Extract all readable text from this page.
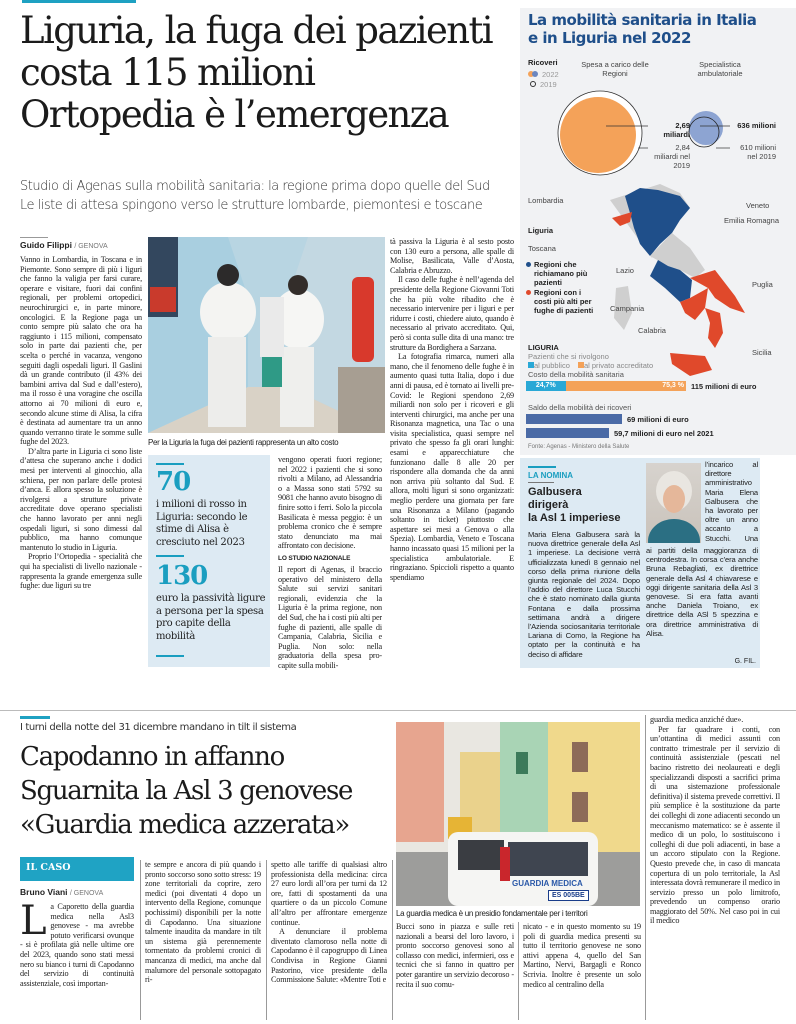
Liguria, la fuga dei pazienti
costa 115 milioni
Ortopedia è l’emergenza
Studio di Agenas sulla mobilità sanitaria: la regione prima dopo quelle del Sud
Le liste di attesa spingono verso le strutture lombarde, piemontesi e toscane
Guido Filippi / GENOVA

Vanno in Lombardia, in Toscana e in Piemonte. Sono sempre di più i liguri che fanno la valigia per farsi curare, operare e visitare, fuori dai confini regionali, per problemi ortopedici, neurochirurgici e, in parte minore, oncologici. E la Regione paga un conto sempre più salato che ora ha raggiunto i 115 milioni, compensato solo in parte dai pazienti che, per scelta o perché in vacanza, vengono seguiti dagli ospedali liguri. Il Gaslini dà un grande contributo (il 43% dei bambini arriva dal Sud e dall’estero), ma il rosso è una voragine che oscilla attorno ai 70 milioni di euro e, secondo alcune stime di Alisa, la cifra è destinata ad aumentare tra un anno quando verranno tirate le somme sulle fughe del 2023.

D’altra parte in Liguria ci sono liste d’attesa che superano anche i dodici mesi per interventi al ginocchio, alla schiena, per non parlare delle protesi d’anca. E allora spesso la soluzione è rivolgersi a strutture private accreditate dove operano specialisti che hanno lavorato per anni negli ospedali liguri, si sono dimessi dal pubblico, ma hanno comunque mantenuto lo studio in Liguria.

Proprio l’Ortopedia - specialità che qui ha specialisti di livello nazionale - rappresenta la grande emergenza sulle fughe: due liguri su tre

Per la Liguria la fuga dei pazienti rappresenta un alto costo
70
i milioni di rosso in Liguria: secondo le stime di Alisa è cresciuto nel 2023
130
euro la passività ligure a persona per la spesa pro capite della mobilità

vengono operati fuori regione; nel 2022 i pazienti che si sono rivolti a Milano, ad Alessandria o a Massa sono stati 5792 su 9081 che hanno avuto bisogno di finire sotto i ferri. Solo la piccola Basilicata è messa peggio: è un problema cronico che è sempre stato denunciato ma mai affrontato con decisione.

LO STUDIO NAZIONALE

Il report di Agenas, il braccio operativo del ministero della Salute sui servizi sanitari regionali, evidenzia che la Liguria è la prima regione, non del Sud, che ha i costi più alti per fughe di pazienti, alle spalle di Campania, Calabria, Sicilia e Puglia. Non solo: nella graduatoria della spesa pro-capite sulla mobili-

tà passiva la Liguria è al sesto posto con 130 euro a persona, alle spalle di Molise, Basilicata, Valle d’Aosta, Calabria e Abruzzo.

Il caso delle fughe è nell’agenda del presidente della Regione Giovanni Toti che ha più volte ribadito che è necessario intervenire per i liguri e per ridurre i costi, chiedere aiuto, quando è necessario al privato accreditato. Qui, però si conta sulle dita di una mano: tre strutture da Bordighera a Sarzana.

La fotografia rimarca, numeri alla mano, che il fenomeno delle fughe è in aumento quasi tutta Italia, dopo i due anni di pausa, ed è tornato ai livelli pre-Covid: le Regioni spendono 2,69 miliardi non solo per i ricoveri e gli interventi chirurgici, ma anche per una Risonanza magnetica, una Tac o una visita specialistica, quasi sempre nel privato che spesso fa gli orari lunghi: esami e apparecchiature che funzionano dalle 8 alle 20 per rispondere alla domanda che da anni non arriva più soltanto dal Sud. E allora, molti liguri si sono organizzati: meglio perdere una giornata per fare una Risonanza a Milano (pagando soltanto in ticket) piuttosto che aspettare sei mesi a Genova o alla Spezia). Lombardia, Veneto e Toscana hanno incassato quasi 15 milioni per la specialistica ambulatoriale. E ringraziano. Spiccioli rispetto a quanto spendiamo

La mobilità sanitaria in Italia
e in Liguria nel 2022
Ricoveri
2022
2019
Spesa a carico delle Regioni
Specialistica ambulatoriale
2,69 miliardi
2,84 miliardi nel 2019
636 milioni
610 milioni nel 2019
Lombardia
Veneto
Emilia Romagna
Liguria
Toscana
Lazio
Puglia
Campania
Calabria
Sicilia
Regioni che richiamano più pazienti
Regioni con i costi più alti per fughe di pazienti
LIGURIA
Pazienti che si rivolgono
al pubblico al privato accreditato
Costo della mobilità sanitaria
24,7%	75,3 % 115 milioni di euro
Saldo della mobilità dei ricoveri
69 milioni di euro
59,7 milioni di euro nel 2021
Fonte: Agenas - Ministero della Salute
LA NOMINA
Galbusera
dirigerà
la Asl 1 imperiese
Maria Elena Galbusera sarà la nuova direttrice generale della Asl 1 imperiese. La decisione verrà ufficializzata lunedì 8 gennaio nel corso della prima riunione della giunta regionale del 2024. Dopo l’addio del direttore Luca Stucchi che è stato nominato dalla giunta Fontana e dalla prossima settimana andrà a dirigere l’Azienda sociosanitaria territoriale Lariana di Como, la Regione ha optato per la continuità e ha deciso di affidare
l’incarico al direttore amministrativo Maria Elena Galbusera che ha lavorato per oltre un anno accanto a Stucchi. Una
ai partiti della maggioranza di centrodestra. In corsa c’era anche Bruna Rebagliati, ex direttrice generale della Asl 4 chiavarese e oggi dirigente sanitaria della Asl 3 genovese. Si era fatta avanti anche Daniela Troiano, ex direttrice della ASl 5 spezzina e ora direttrice amministrativa di Alisa.
G. FIL.
I turni della notte del 31 dicembre mandano in tilt il sistema
Capodanno in affanno
Sguarnita la Asl 3 genovese
«Guardia medica azzerata»
IL CASO
Bruno Viani / GENOVA
L a Caporetto della guardia medica nella Asl3 genovese - ma avrebbe potuto verificarsi ovunque - si è profilata già nelle ultime ore del 2023, quando sono stati messi nero su bianco i turni di Capodanno del servizio di continuità assistenziale, così importan-
te sempre e ancora di più quando i pronto soccorso sono sotto stress: 19 zone territoriali da coprire, zero medici (poi diventati 4 dopo un intervento della Regione, comunque pochissimi) disponibili per la notte di Capodanno. Una situazione talmente inaudita da mandare in tilt un sistema già perennemente tormentato da problemi cronici di mancanza di medici, ma anche dal malumore del personale sottopagato ri-

spetto alle tariffe di qualsiasi altro professionista della medicina: circa 27 euro lordi all’ora per turni da 12 ore, fatti di spostamenti da una quartiere o da un piccolo Comune all’altro per affrontare emergenze continue.

A denunciare il problema diventato clamoroso nella notte di Capodanno è il capogruppo di Linea Condivisa in Regione Gianni Pastorino, vice presidente della Commissione Salute: «Mentre Toti e

GUARDIA MEDICA
ES 005BE
La guardia medica è un presidio fondamentale per i territori
Bucci sono in piazza e sulle reti nazionali a bearsi del loro lavoro, i pronto soccorso genovesi sono al collasso con medici, infermieri, oss e tecnici che si fanno in quattro per poter garantire un servizio decoroso - recita il suo comu-
nicato - e in questo momento su 19 poli di guardia medica presenti su tutto il territorio genovese ne sono attivi appena 4, quello del San Martino, Nervi, Bargagli e Ronco Scrivia. Inoltre è presente un solo medico al centralino della

guardia medica anziché due».

Per far quadrare i conti, con un’ottantina di medici assunti con contratto trimestrale per il servizio di continuità assistenziale (pescati nel bacino ristretto dei neolaureati e degli specializzandi disposti a sacrifici prima di una sistemazione professionale definitiva) il sistema prevede correttivi. Il più semplice è la sostituzione da parte dei colleghi di zone adiacenti secondo un meccanismo matematico: se è assente il medico di un polo, lo sostituiscono i colleghi di due poli adiacenti, in base a un accoro stipulato con la Regione. Questo prevede che, in caso di mancata copertura di un polo territoriale, la Asl interessata dovrà remunerare il medico in servizio presso un polo limitrofo, prevedendo un compenso orario maggiorato del 50%. Nel caso poi in cui il medico
